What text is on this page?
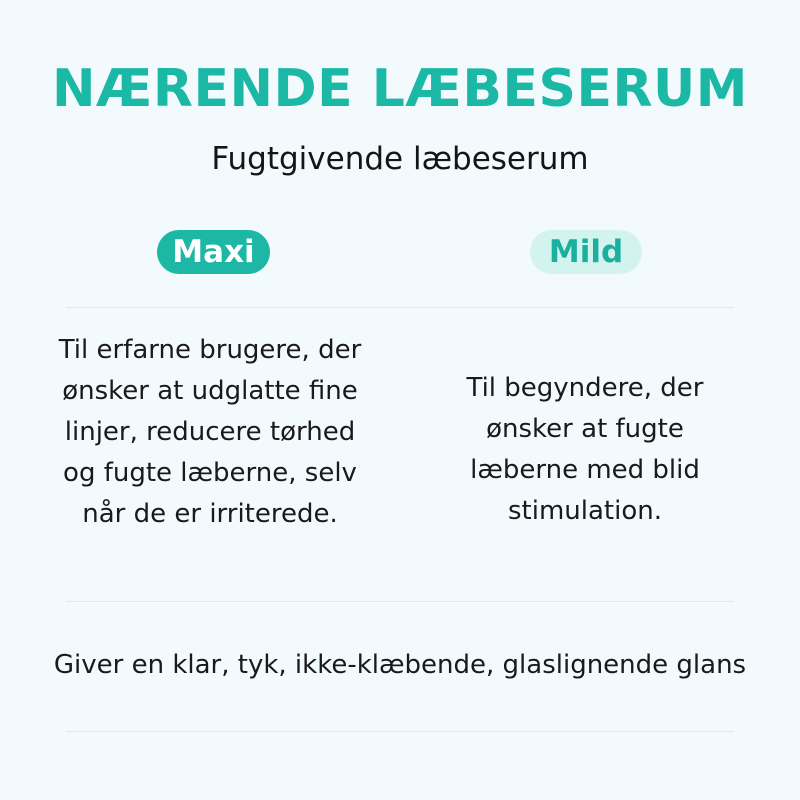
NÆRENDE LÆBESERUM

Fugtgivende læbeserum

Maxi	Mild
Til erfarne brugere, der
ønsker at udglatte fine
linjer, reducere tørhed
og fugte læberne, selv
når de er irriterede.
Til begyndere, der
ønsker at fugte
læberne med blid
stimulation.
Giver en klar, tyk, ikke-klæbende, glaslignende glans
